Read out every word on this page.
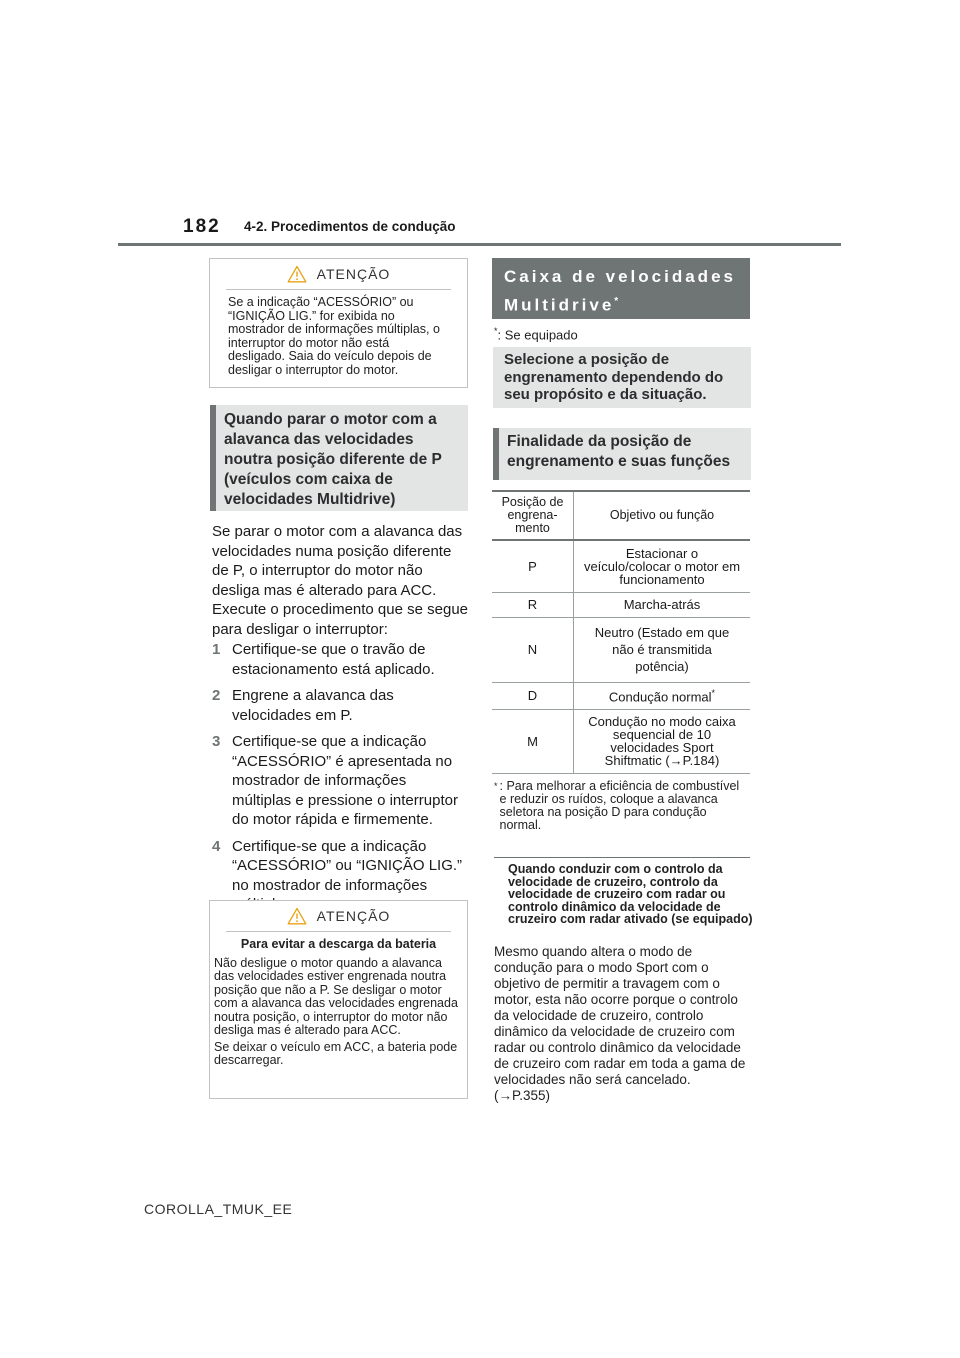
182 4-2. Procedimentos de condução
ATENÇÃO

Se a indicação “ACESSÓRIO” ou “IGNIÇÃO LIG.” for exibida no mostrador de informações múltiplas, o interruptor do motor não está desligado. Saia do veículo depois de desligar o interruptor do motor.

Quando parar o motor com a alavanca das velocidades noutra posição diferente de P (veículos com caixa de velocidades Multidrive)
Se parar o motor com a alavanca das velocidades numa posição diferente de P, o interruptor do motor não desliga mas é alterado para ACC. Execute o procedimento que se segue para desligar o interruptor:
1 Certifique-se que o travão de estacionamento está aplicado.
2 Engrene a alavanca das velocidades em P.
3 Certifique-se que a indicação “ACESSÓRIO” é apresentada no mostrador de informações múltiplas e pressione o interruptor do motor rápida e firmemente.
4 Certifique-se que a indicação “ACESSÓRIO” ou “IGNIÇÃO LIG.” no mostrador de informações
ATENÇÃO

Para evitar a descarga da bateria

Não desligue o motor quando a alavanca das velocidades estiver engrenada noutra posição que não a P. Se desligar o motor com a alavanca das velocidades engrenada noutra posição, o interruptor do motor não desliga mas é alterado para ACC.

Se deixar o veículo em ACC, a bateria pode descarregar.

Caixa de velocidades Multidrive*
*: Se equipado
Selecione a posição de engrenamento dependendo do seu propósito e da situação.
Finalidade da posição de engrenamento e suas funções
Posição de engrena-mento	Objetivo ou função
P	Estacionar o veículo/colocar o motor em funcionamento
R	Marcha-atrás
N	Neutro (Estado em que não é transmitida potência)
D	Condução normal*
M	Condução no modo caixa sequencial de 10 velocidades Sport Shiftmatic (→P.184)
* : Para melhorar a eficiência de combustível e reduzir os ruídos, coloque a alavanca seletora na posição D para condução normal.
Quando conduzir com o controlo da velocidade de cruzeiro, controlo da velocidade de cruzeiro com radar ou controlo dinâmico da velocidade de cruzeiro com radar ativado (se equipado)
Mesmo quando altera o modo de condução para o modo Sport com o objetivo de permitir a travagem com o motor, esta não ocorre porque o controlo da velocidade de cruzeiro, controlo dinâmico da velocidade de cruzeiro com radar ou controlo dinâmico da velocidade de cruzeiro com radar em toda a gama de velocidades não será cancelado. (→P.355)
COROLLA_TMUK_EE
